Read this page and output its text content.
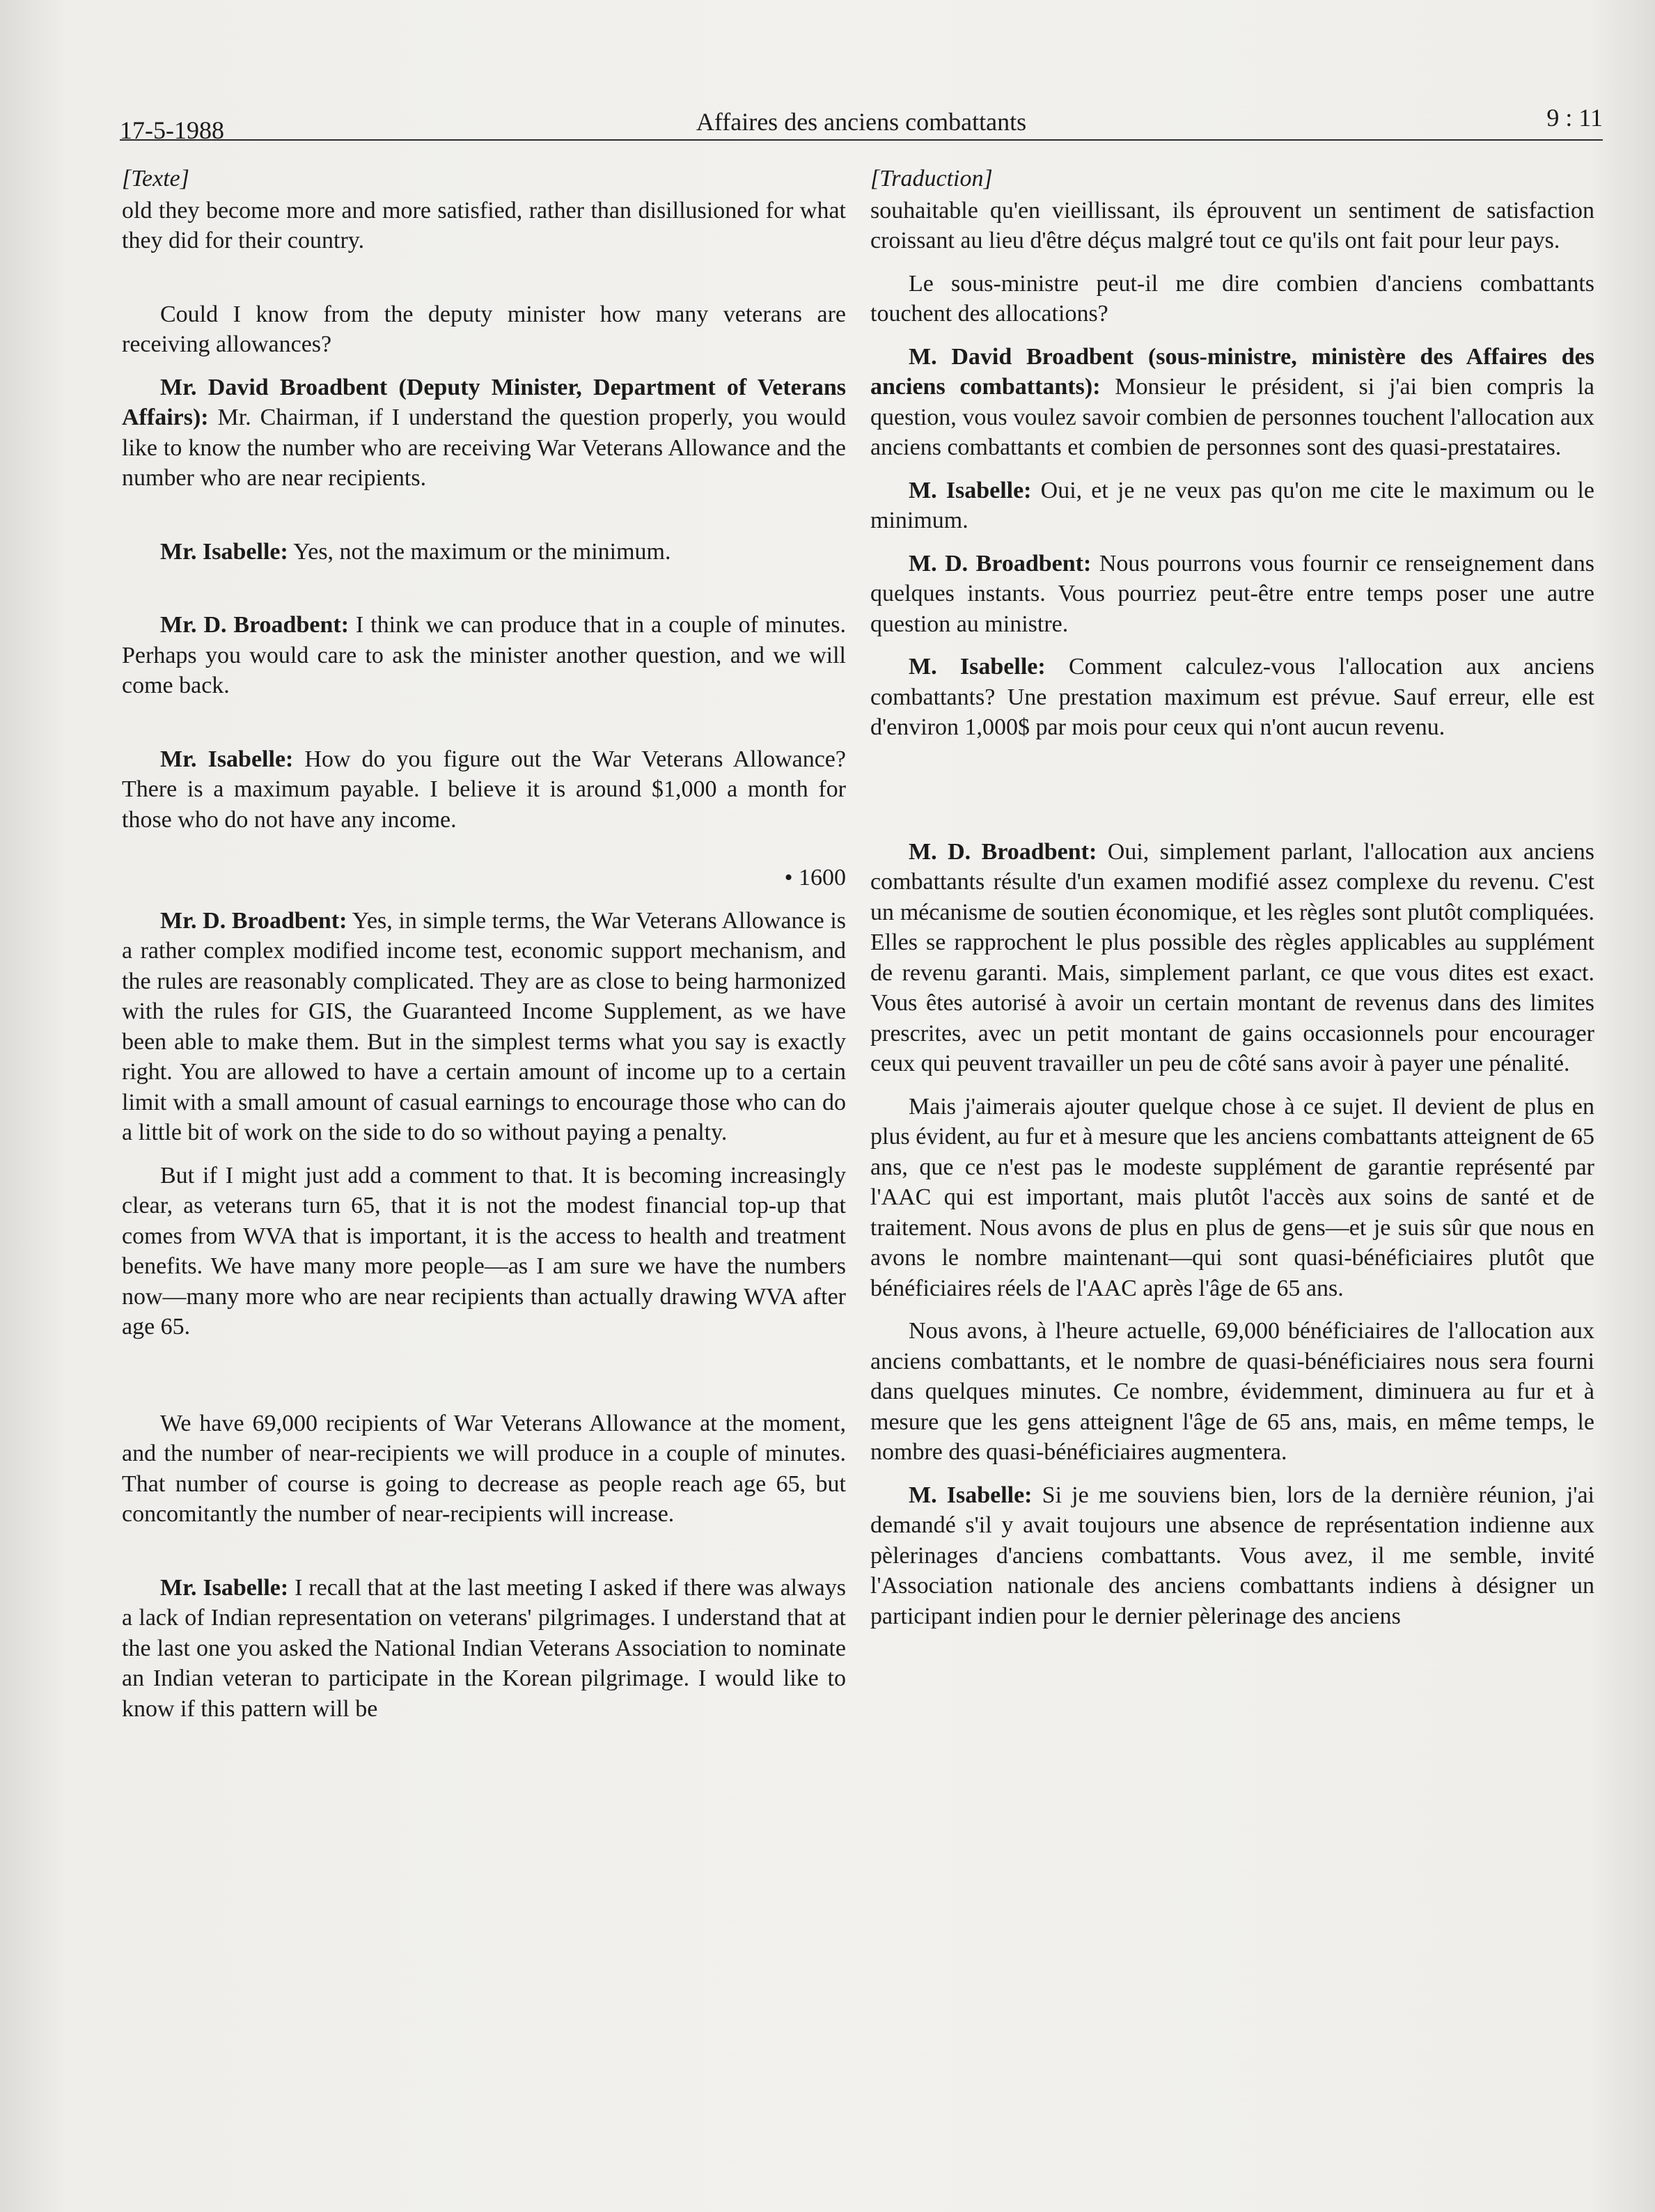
17-5-1988	Affaires des anciens combattants	9 : 11

[Texte]

old they become more and more satisfied, rather than disillusioned for what they did for their country.

Could I know from the deputy minister how many veterans are receiving allowances?

Mr. David Broadbent (Deputy Minister, Department of Veterans Affairs): Mr. Chairman, if I understand the question properly, you would like to know the number who are receiving War Veterans Allowance and the number who are near recipients.

Mr. Isabelle: Yes, not the maximum or the minimum.

Mr. D. Broadbent: I think we can produce that in a couple of minutes. Perhaps you would care to ask the minister another question, and we will come back.

Mr. Isabelle: How do you figure out the War Veterans Allowance? There is a maximum payable. I believe it is around $1,000 a month for those who do not have any income.

• 1600

Mr. D. Broadbent: Yes, in simple terms, the War Veterans Allowance is a rather complex modified income test, economic support mechanism, and the rules are reasonably complicated. They are as close to being harmonized with the rules for GIS, the Guaranteed Income Supplement, as we have been able to make them. But in the simplest terms what you say is exactly right. You are allowed to have a certain amount of income up to a certain limit with a small amount of casual earnings to encourage those who can do a little bit of work on the side to do so without paying a penalty.

But if I might just add a comment to that. It is becoming increasingly clear, as veterans turn 65, that it is not the modest financial top-up that comes from WVA that is important, it is the access to health and treatment benefits. We have many more people—as I am sure we have the numbers now—many more who are near recipients than actually drawing WVA after age 65.

We have 69,000 recipients of War Veterans Allowance at the moment, and the number of near-recipients we will produce in a couple of minutes. That number of course is going to decrease as people reach age 65, but concomitantly the number of near-recipients will increase.

Mr. Isabelle: I recall that at the last meeting I asked if there was always a lack of Indian representation on veterans' pilgrimages. I understand that at the last one you asked the National Indian Veterans Association to nominate an Indian veteran to participate in the Korean pilgrimage. I would like to know if this pattern will be

[Traduction]

souhaitable qu'en vieillissant, ils éprouvent un sentiment de satisfaction croissant au lieu d'être déçus malgré tout ce qu'ils ont fait pour leur pays.

Le sous-ministre peut-il me dire combien d'anciens combattants touchent des allocations?

M. David Broadbent (sous-ministre, ministère des Affaires des anciens combattants): Monsieur le président, si j'ai bien compris la question, vous voulez savoir combien de personnes touchent l'allocation aux anciens combattants et combien de personnes sont des quasi-prestataires.

M. Isabelle: Oui, et je ne veux pas qu'on me cite le maximum ou le minimum.

M. D. Broadbent: Nous pourrons vous fournir ce renseignement dans quelques instants. Vous pourriez peut-être entre temps poser une autre question au ministre.

M. Isabelle: Comment calculez-vous l'allocation aux anciens combattants? Une prestation maximum est prévue. Sauf erreur, elle est d'environ 1,000$ par mois pour ceux qui n'ont aucun revenu.

M. D. Broadbent: Oui, simplement parlant, l'allocation aux anciens combattants résulte d'un examen modifié assez complexe du revenu. C'est un mécanisme de soutien économique, et les règles sont plutôt compliquées. Elles se rapprochent le plus possible des règles applicables au supplément de revenu garanti. Mais, simplement parlant, ce que vous dites est exact. Vous êtes autorisé à avoir un certain montant de revenus dans des limites prescrites, avec un petit montant de gains occasionnels pour encourager ceux qui peuvent travailler un peu de côté sans avoir à payer une pénalité.

Mais j'aimerais ajouter quelque chose à ce sujet. Il devient de plus en plus évident, au fur et à mesure que les anciens combattants atteignent de 65 ans, que ce n'est pas le modeste supplément de garantie représenté par l'AAC qui est important, mais plutôt l'accès aux soins de santé et de traitement. Nous avons de plus en plus de gens—et je suis sûr que nous en avons le nombre maintenant—qui sont quasi-bénéficiaires plutôt que bénéficiaires réels de l'AAC après l'âge de 65 ans.

Nous avons, à l'heure actuelle, 69,000 bénéficiaires de l'allocation aux anciens combattants, et le nombre de quasi-bénéficiaires nous sera fourni dans quelques minutes. Ce nombre, évidemment, diminuera au fur et à mesure que les gens atteignent l'âge de 65 ans, mais, en même temps, le nombre des quasi-bénéficiaires augmentera.

M. Isabelle: Si je me souviens bien, lors de la dernière réunion, j'ai demandé s'il y avait toujours une absence de représentation indienne aux pèlerinages d'anciens combattants. Vous avez, il me semble, invité l'Association nationale des anciens combattants indiens à désigner un participant indien pour le dernier pèlerinage des anciens
